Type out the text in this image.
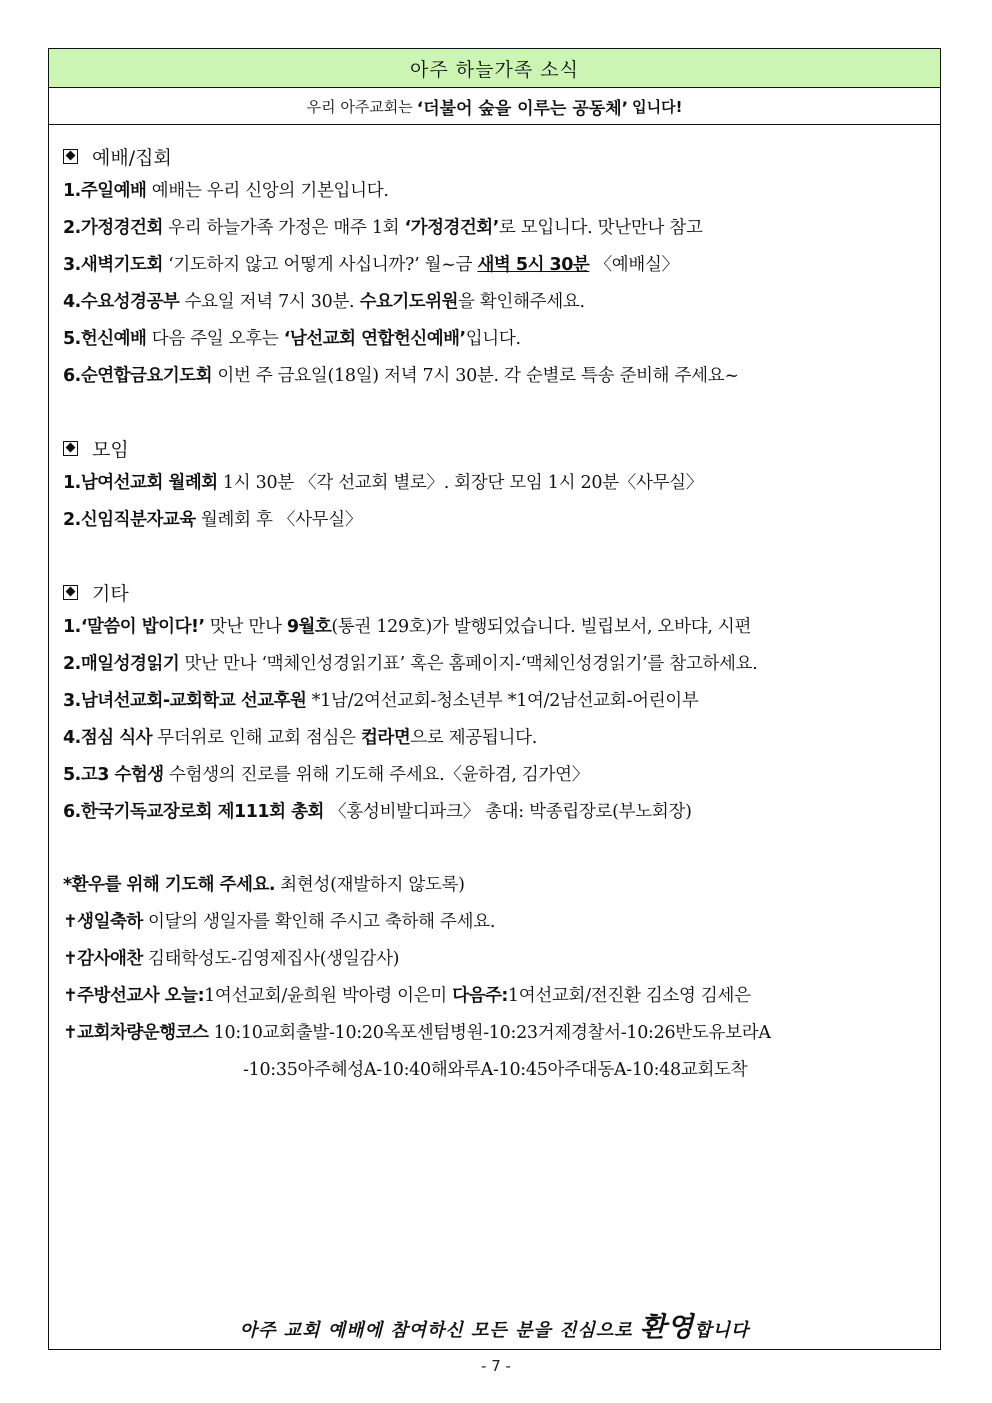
아주 하늘가족 소식
우리 아주교회는 ‘더불어 숲을 이루는 공동체’ 입니다!
예배/집회
1.주일예배 예배는 우리 신앙의 기본입니다.
2.가정경건회 우리 하늘가족 가정은 매주 1회 ‘가정경건회’로 모입니다. 맛난만나 참고
3.새벽기도회 ‘기도하지 않고 어떻게 사십니까?’ 월~금 새벽 5시 30분 〈예배실〉
4.수요성경공부 수요일 저녁 7시 30분. 수요기도위원을 확인해주세요.
5.헌신예배 다음 주일 오후는 ‘남선교회 연합헌신예배’입니다.
6.순연합금요기도회 이번 주 금요일(18일) 저녁 7시 30분. 각 순별로 특송 준비해 주세요~
모임
1.남여선교회 월례회 1시 30분 〈각 선교회 별로〉. 회장단 모임 1시 20분〈사무실〉
2.신임직분자교육 월례회 후 〈사무실〉
기타
1.‘말씀이 밥이다!’ 맛난 만나 9월호(통권 129호)가 발행되었습니다. 빌립보서, 오바댜, 시편
2.매일성경읽기 맛난 만나 ‘맥체인성경읽기표’ 혹은 홈페이지-‘맥체인성경읽기’를 참고하세요.
3.남녀선교회-교회학교 선교후원 *1남/2여선교회-청소년부 *1여/2남선교회-어린이부
4.점심 식사 무더위로 인해 교회 점심은 컵라면으로 제공됩니다.
5.고3 수험생 수험생의 진로를 위해 기도해 주세요.〈윤하겸, 김가연〉
6.한국기독교장로회 제111회 총회 〈홍성비발디파크〉 총대: 박종립장로(부노회장)
*환우를 위해 기도해 주세요. 최현성(재발하지 않도록)
✝생일축하 이달의 생일자를 확인해 주시고 축하해 주세요.
✝감사애찬 김태학성도-김영제집사(생일감사)
✝주방선교사 오늘:1여선교회/윤희원 박아령 이은미 다음주:1여선교회/전진환 김소영 김세은
✝교회차량운행코스 10:10교회출발-10:20옥포센텀병원-10:23거제경찰서-10:26반도유보라A
-10:35아주혜성A-10:40해와루A-10:45아주대동A-10:48교회도착
아주 교회 예배에 참여하신 모든 분을 진심으로 환영합니다
- 7 -
